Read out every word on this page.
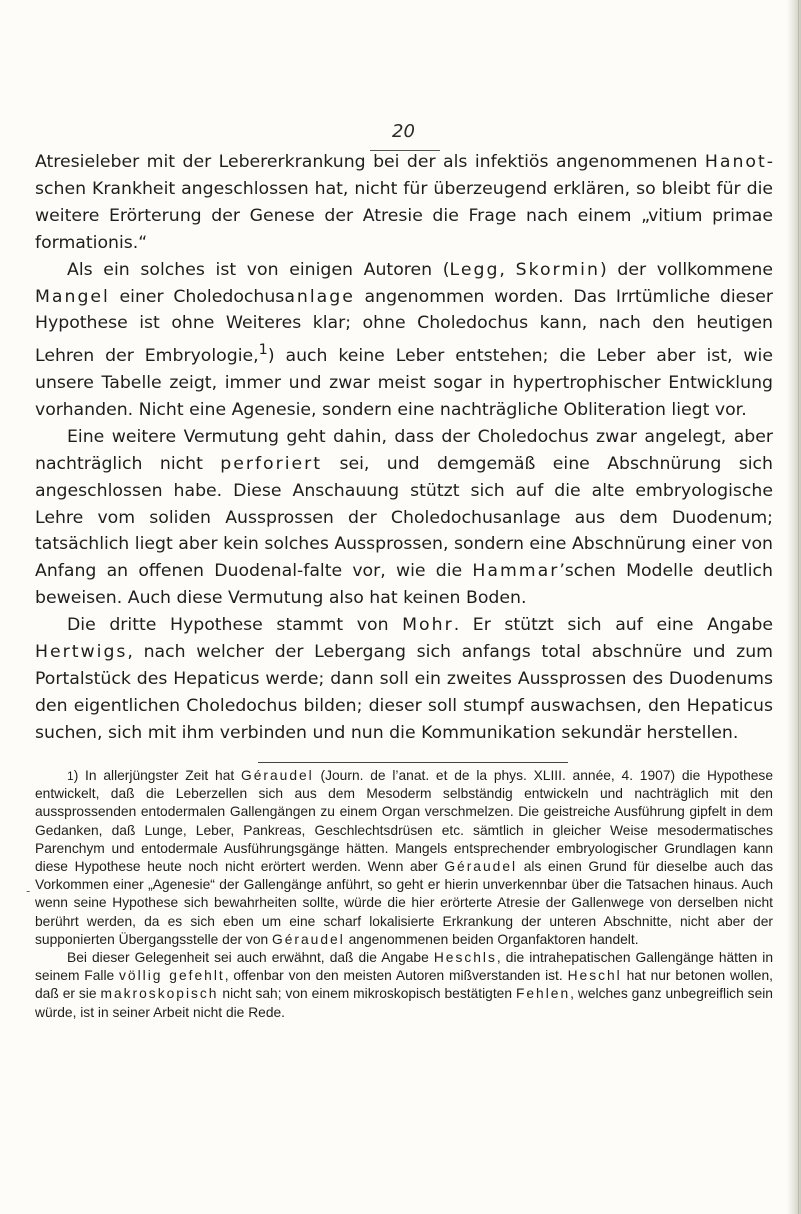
20

Atresieleber mit der Lebererkrankung bei der als infektiös angenommenen Hanot-schen Krankheit angeschlossen hat, nicht für überzeugend erklären, so bleibt für die weitere Erörterung der Genese der Atresie die Frage nach einem „vitium primae formationis.“

Als ein solches ist von einigen Autoren (Legg, Skormin) der vollkommene Mangel einer Choledochusanlage angenommen worden. Das Irrtümliche dieser Hypothese ist ohne Weiteres klar; ohne Choledochus kann, nach den heutigen Lehren der Embryologie,$^1$) auch keine Leber entstehen; die Leber aber ist, wie unsere Tabelle zeigt, immer und zwar meist sogar in hypertrophischer Entwicklung vorhanden. Nicht eine Agenesie, sondern eine nachträgliche Obliteration liegt vor.

Eine weitere Vermutung geht dahin, dass der Choledochus zwar angelegt, aber nachträglich nicht perforiert sei, und demgemäß eine Abschnürung sich angeschlossen habe. Diese Anschauung stützt sich auf die alte embryologische Lehre vom soliden Aussprossen der Choledochusanlage aus dem Duodenum; tatsächlich liegt aber kein solches Aussprossen, sondern eine Abschnürung einer von Anfang an offenen Duodenal-falte vor, wie die Hammar’schen Modelle deutlich beweisen. Auch diese Vermutung also hat keinen Boden.

Die dritte Hypothese stammt von Mohr. Er stützt sich auf eine Angabe Hertwigs, nach welcher der Lebergang sich anfangs total abschnüre und zum Portalstück des Hepaticus werde; dann soll ein zweites Aussprossen des Duodenums den eigentlichen Choledochus bilden; dieser soll stumpf auswachsen, den Hepaticus suchen, sich mit ihm verbinden und nun die Kommunikation sekundär herstellen.

1) In allerjüngster Zeit hat Géraudel (Journ. de l’anat. et de la phys. XLIII. année, 4. 1907) die Hypothese entwickelt, daß die Leberzellen sich aus dem Mesoderm selbständig entwickeln und nachträglich mit den aussprossenden entodermalen Gallengängen zu einem Organ verschmelzen. Die geistreiche Ausführung gipfelt in dem Gedanken, daß Lunge, Leber, Pankreas, Geschlechtsdrüsen etc. sämtlich in gleicher Weise mesodermatisches Parenchym und entodermale Ausführungsgänge hätten. Mangels entsprechender embryologischer Grundlagen kann diese Hypothese heute noch nicht erörtert werden. Wenn aber Géraudel als einen Grund für dieselbe auch das Vorkommen einer „Agenesie“ der Gallengänge anführt, so geht er hierin unverkennbar über die Tatsachen hinaus. Auch wenn seine Hypothese sich bewahrheiten sollte, würde die hier erörterte Atresie der Gallenwege von derselben nicht berührt werden, da es sich eben um eine scharf lokalisierte Erkrankung der unteren Abschnitte, nicht aber der supponierten Übergangsstelle der von Géraudel angenommenen beiden Organfaktoren handelt.

Bei dieser Gelegenheit sei auch erwähnt, daß die Angabe Heschls, die intrahepatischen Gallengänge hätten in seinem Falle völlig gefehlt, offenbar von den meisten Autoren mißverstanden ist. Heschl hat nur betonen wollen, daß er sie makroskopisch nicht sah; von einem mikroskopisch bestätigten Fehlen, welches ganz unbegreiflich sein würde, ist in seiner Arbeit nicht die Rede.

-
